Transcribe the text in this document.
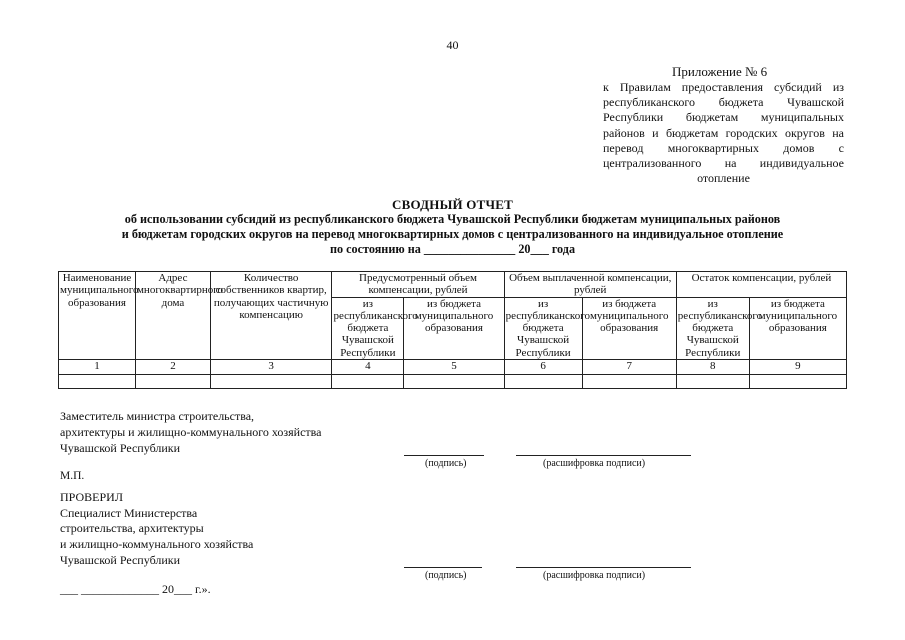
40
Приложение № 6
к Правилам предоставления субсидий из республиканского бюджета Чувашской Республики бюджетам муниципальных районов и бюджетам городских округов на перевод многоквартирных домов с централизованного на индивидуальное отопление
СВОДНЫЙ ОТЧЕТ
об использовании субсидий из республиканского бюджета Чувашской Республики бюджетам муниципальных районов
и бюджетам городских округов на перевод многоквартирных домов с централизованного на индивидуальное отопление
по состоянию на _______________ 20___ года
Наименование муниципального образования	Адрес многоквартирного дома	Количество собственников квартир, получающих частичную компенсацию	Предусмотренный объем компенсации, рублей		Объем выплаченной компенсации, рублей		Остаток компенсации, рублей	
			из республиканского бюджета Чувашской Республики	из бюджета муниципального образования	из республиканского бюджета Чувашской Республики	из бюджета муниципального образования	из республиканского бюджета Чувашской Республики	из бюджета муниципального образования
1	2	3	4	5	6	7	8	9

Заместитель министра строительства,
архитектуры и жилищно-коммунального хозяйства
Чувашской Республики
(подпись)	(расшифровка подписи)
М.П.
ПРОВЕРИЛ
Специалист Министерства
строительства, архитектуры
и жилищно-коммунального хозяйства
Чувашской Республики
(подпись)	(расшифровка подписи)
___ _____________ 20___ г.».
